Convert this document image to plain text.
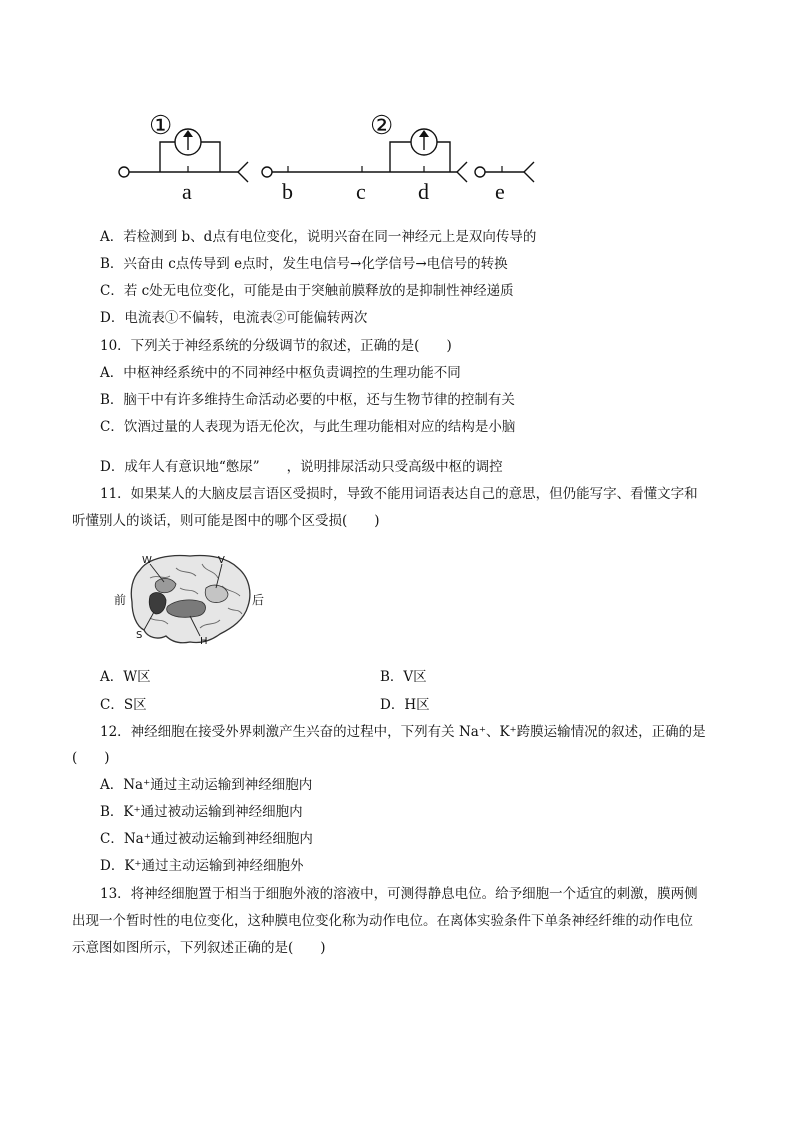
①	②
a	b	c d	e
A．若检测到 b、d点有电位变化，说明兴奋在同一神经元上是双向传导的
B．兴奋由 c点传导到 e点时，发生电信号→化学信号→电信号的转换
C．若 c处无电位变化，可能是由于突触前膜释放的是抑制性神经递质
D．电流表①不偏转，电流表②可能偏转两次
10．下列关于神经系统的分级调节的叙述，正确的是(　　)
A．中枢神经系统中的不同神经中枢负责调控的生理功能不同
B．脑干中有许多维持生命活动必要的中枢，还与生物节律的控制有关
C．饮酒过量的人表现为语无伦次，与此生理功能相对应的结构是小脑
D．成年人有意识地“憋尿”　　，说明排尿活动只受高级中枢的调控
11．如果某人的大脑皮层言语区受损时，导致不能用词语表达自己的意思，但仍能写字、看懂文字和
听懂别人的谈话，则可能是图中的哪个区受损(　　)
W	V
S
H
前	后
A．W区	B．V区
C．S区	D．H区
12．神经细胞在接受外界刺激产生兴奋的过程中，下列有关 Na⁺、K⁺跨膜运输情况的叙述，正确的是
(　　)
A．Na⁺通过主动运输到神经细胞内
B．K⁺通过被动运输到神经细胞内
C．Na⁺通过被动运输到神经细胞内
D．K⁺通过主动运输到神经细胞外
13．将神经细胞置于相当于细胞外液的溶液中，可测得静息电位。给予细胞一个适宜的刺激，膜两侧
出现一个暂时性的电位变化，这种膜电位变化称为动作电位。在离体实验条件下单条神经纤维的动作电位
示意图如图所示，下列叙述正确的是(　　)
